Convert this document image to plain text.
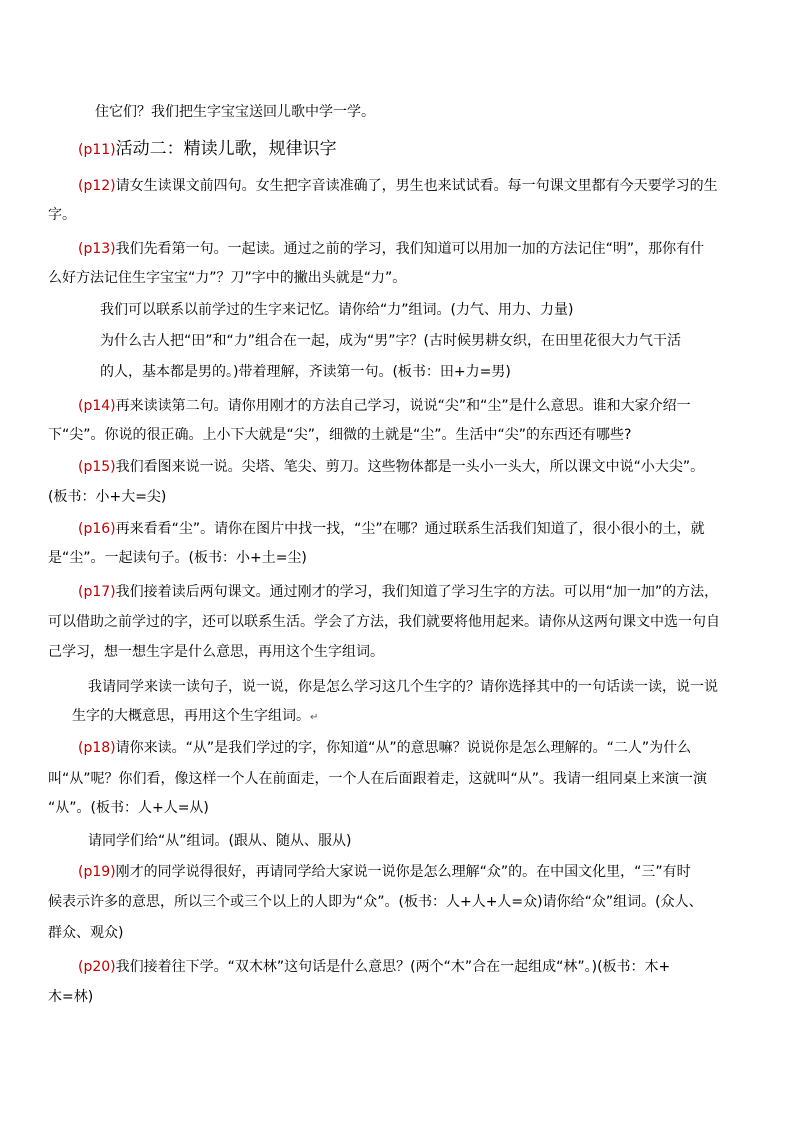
住它们？我们把生字宝宝送回儿歌中学一学。
(p11)活动二：精读儿歌，规律识字
(p12)请女生读课文前四句。女生把字音读准确了，男生也来试试看。每一句课文里都有今天要学习的生
字。
(p13)我们先看第一句。一起读。通过之前的学习，我们知道可以用加一加的方法记住“明”，那你有什
么好方法记住生字宝宝“力”？刀”字中的撇出头就是“力”。
我们可以联系以前学过的生字来记忆。请你给“力”组词。(力气、用力、力量)
为什么古人把“田”和“力”组合在一起，成为“男”字？(古时候男耕女织，在田里花很大力气干活
的人，基本都是男的。)带着理解，齐读第一句。(板书：田+力=男)
(p14)再来读读第二句。请你用刚才的方法自己学习，说说“尖”和“尘”是什么意思。谁和大家介绍一
下“尖”。你说的很正确。上小下大就是“尖”，细微的土就是“尘”。生活中“尖”的东西还有哪些?
(p15)我们看图来说一说。尖塔、笔尖、剪刀。这些物体都是一头小一头大，所以课文中说“小大尖”。
(板书：小+大=尖)
(p16)再来看看“尘”。请你在图片中找一找，“尘”在哪？通过联系生活我们知道了，很小很小的土，就
是“尘”。一起读句子。(板书：小+土=尘)
(p17)我们接着读后两句课文。通过刚才的学习，我们知道了学习生字的方法。可以用“加一加”的方法，
可以借助之前学过的字，还可以联系生活。学会了方法，我们就要将他用起来。请你从这两句课文中选一句自
己学习，想一想生字是什么意思，再用这个生字组词。
我请同学来读一读句子，说一说，你是怎么学习这几个生字的？请你选择其中的一句话读一读，说一说
生字的大概意思，再用这个生字组词。↵
(p18)请你来读。“从”是我们学过的字，你知道“从”的意思嘛？说说你是怎么理解的。“二人”为什么
叫“从”呢？你们看，像这样一个人在前面走，一个人在后面跟着走，这就叫“从”。我请一组同桌上来演一演
“从”。(板书：人+人=从)
请同学们给“从”组词。(跟从、随从、服从)
(p19)刚才的同学说得很好，再请同学给大家说一说你是怎么理解“众”的。在中国文化里，“三”有时
候表示许多的意思，所以三个或三个以上的人即为“众”。(板书：人+人+人=众)请你给“众”组词。(众人、
群众、观众)
(p20)我们接着往下学。“双木林”这句话是什么意思？(两个“木”合在一起组成“林”。)(板书：木+
木=林)
